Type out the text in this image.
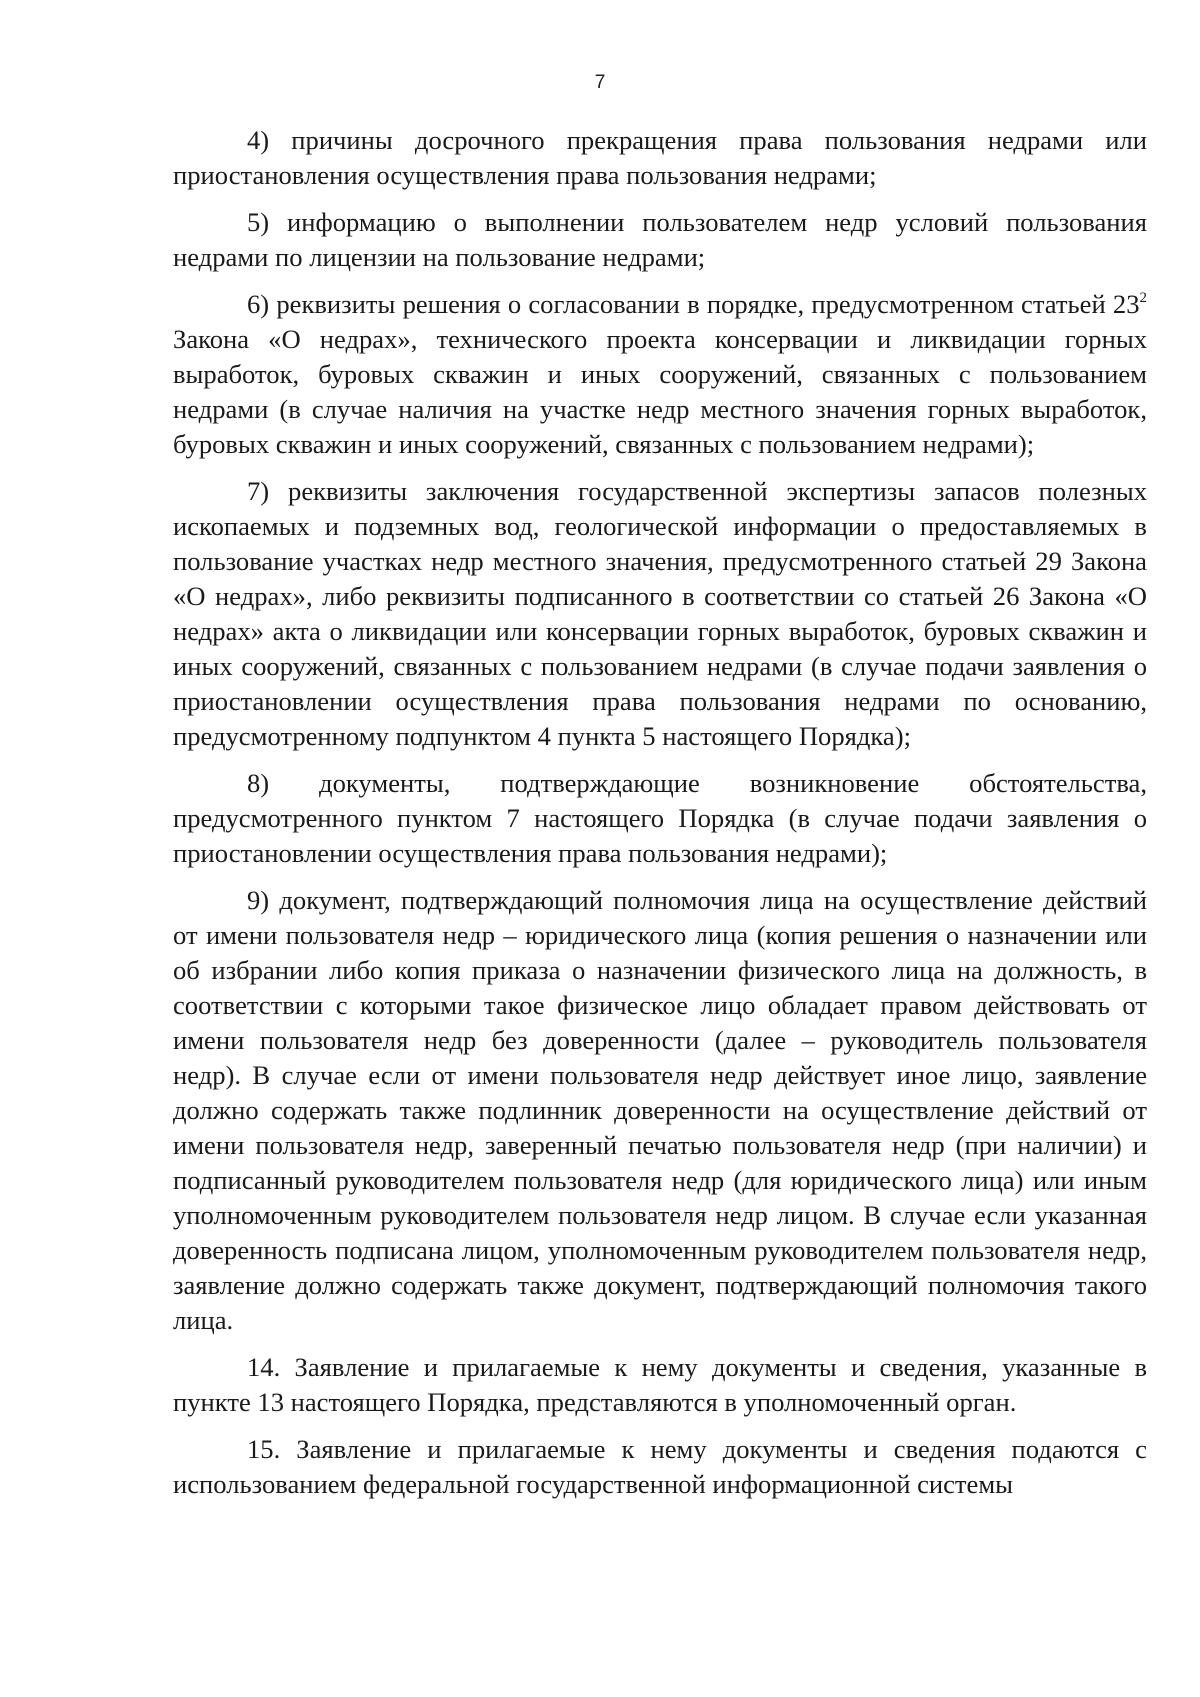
7

4) причины досрочного прекращения права пользования недрами или приостановления осуществления права пользования недрами;

5) информацию о выполнении пользователем недр условий пользования недрами по лицензии на пользование недрами;

6) реквизиты решения о согласовании в порядке, предусмотренном статьей $23^2$ Закона «О недрах», технического проекта консервации и ликвидации горных выработок, буровых скважин и иных сооружений, связанных с пользованием недрами (в случае наличия на участке недр местного значения горных выработок, буровых скважин и иных сооружений, связанных с пользованием недрами);

7) реквизиты заключения государственной экспертизы запасов полезных ископаемых и подземных вод, геологической информации о предоставляемых в пользование участках недр местного значения, предусмотренного статьей 29 Закона «О недрах», либо реквизиты подписанного в соответствии со статьей 26 Закона «О недрах» акта о ликвидации или консервации горных выработок, буровых скважин и иных сооружений, связанных с пользованием недрами (в случае подачи заявления о приостановлении осуществления права пользования недрами по основанию, предусмотренному подпунктом 4 пункта 5 настоящего Порядка);

8) документы, подтверждающие возникновение обстоятельства, предусмотренного пунктом 7 настоящего Порядка (в случае подачи заявления о приостановлении осуществления права пользования недрами);

9) документ, подтверждающий полномочия лица на осуществление действий от имени пользователя недр – юридического лица (копия решения о назначении или об избрании либо копия приказа о назначении физического лица на должность, в соответствии с которыми такое физическое лицо обладает правом действовать от имени пользователя недр без доверенности (далее – руководитель пользователя недр). В случае если от имени пользователя недр действует иное лицо, заявление должно содержать также подлинник доверенности на осуществление действий от имени пользователя недр, заверенный печатью пользователя недр (при наличии) и подписанный руководителем пользователя недр (для юридического лица) или иным уполномоченным руководителем пользователя недр лицом. В случае если указанная доверенность подписана лицом, уполномоченным руководителем пользователя недр, заявление должно содержать также документ, подтверждающий полномочия такого лица.

14. Заявление и прилагаемые к нему документы и сведения, указанные в пункте 13 настоящего Порядка, представляются в уполномоченный орган.

15. Заявление и прилагаемые к нему документы и сведения подаются с использованием федеральной государственной информационной системы
